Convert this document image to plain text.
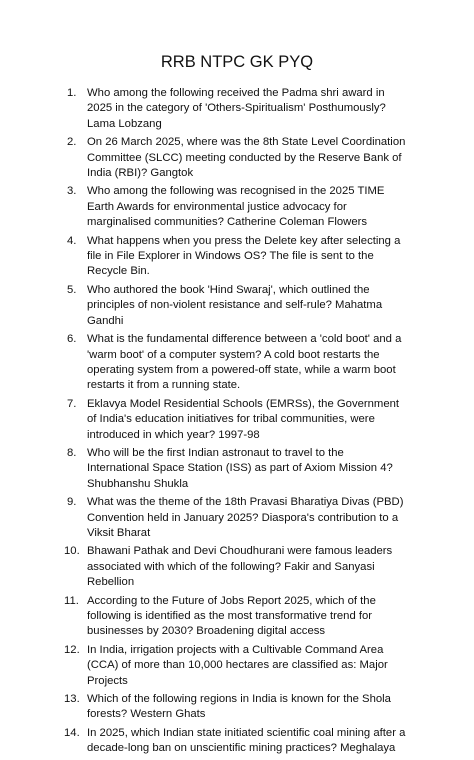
RRB NTPC GK PYQ
1. Who among the following received the Padma shri award in 2025 in the category of 'Others-Spiritualism' Posthumously? Lama Lobzang
2. On 26 March 2025, where was the 8th State Level Coordination Committee (SLCC) meeting conducted by the Reserve Bank of India (RBI)? Gangtok
3. Who among the following was recognised in the 2025 TIME Earth Awards for environmental justice advocacy for marginalised communities? Catherine Coleman Flowers
4. What happens when you press the Delete key after selecting a file in File Explorer in Windows OS? The file is sent to the Recycle Bin.
5. Who authored the book 'Hind Swaraj', which outlined the principles of non-violent resistance and self-rule? Mahatma Gandhi
6. What is the fundamental difference between a 'cold boot' and a 'warm boot' of a computer system? A cold boot restarts the operating system from a powered-off state, while a warm boot restarts it from a running state.
7. Eklavya Model Residential Schools (EMRSs), the Government of India's education initiatives for tribal communities, were introduced in which year? 1997-98
8. Who will be the first Indian astronaut to travel to the International Space Station (ISS) as part of Axiom Mission 4? Shubhanshu Shukla
9. What was the theme of the 18th Pravasi Bharatiya Divas (PBD) Convention held in January 2025? Diaspora's contribution to a Viksit Bharat
10. Bhawani Pathak and Devi Choudhurani were famous leaders associated with which of the following? Fakir and Sanyasi Rebellion
11. According to the Future of Jobs Report 2025, which of the following is identified as the most transformative trend for businesses by 2030? Broadening digital access
12. In India, irrigation projects with a Cultivable Command Area (CCA) of more than 10,000 hectares are classified as: Major Projects
13. Which of the following regions in India is known for the Shola forests? Western Ghats
14. In 2025, which Indian state initiated scientific coal mining after a decade-long ban on unscientific mining practices? Meghalaya
